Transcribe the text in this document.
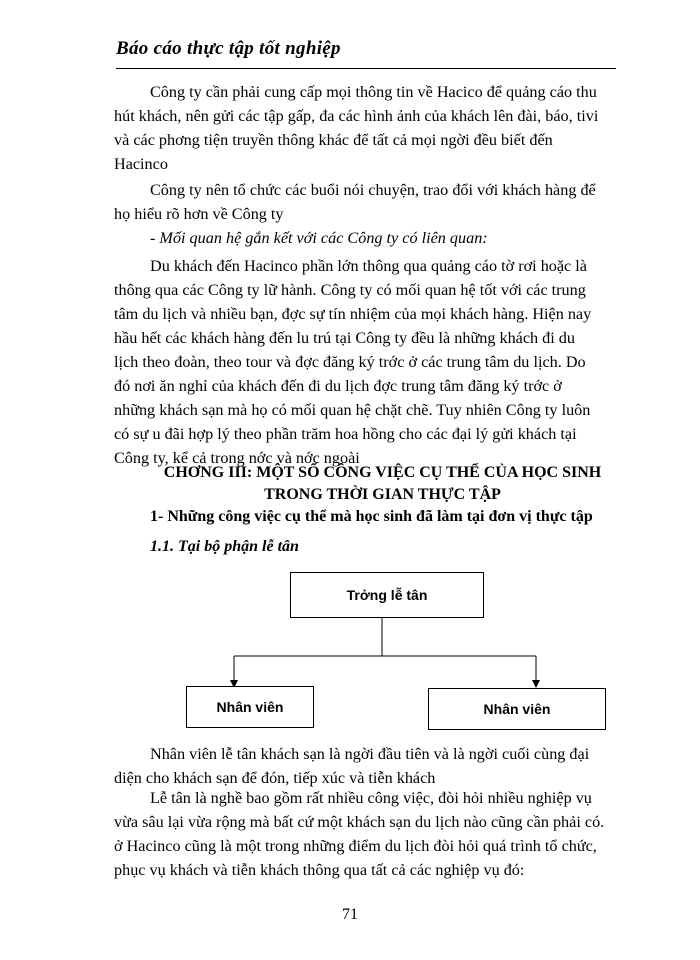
Báo cáo thực tập tốt nghiệp
Công ty cần phải cung cấp mọi thông tin về Hacico để quảng cáo thu
hút khách, nên gửi các tập gấp, đa các hình ảnh của khách lên đài, báo, tivi
và các phơng tiện truyền thông khác để tất cả mọi ngời đều biết đến
Hacinco
Công ty nên tổ chức các buổi nói chuyện, trao đổi với khách hàng để
họ hiểu rõ hơn về Công ty
- Mối quan hệ gắn kết với các Công ty có liên quan:
Du khách đến Hacinco phần lớn thông qua quảng cáo tờ rơi hoặc là
thông qua các Công ty lữ hành. Công ty có mối quan hệ tốt với các trung
tâm du lịch và nhiều bạn, đợc sự tín nhiệm của mọi khách hàng. Hiện nay
hầu hết các khách hàng đến lu trú tại Công ty đều là những khách đi du
lịch theo đoàn, theo tour và đợc đăng ký trớc ở các trung tâm du lịch. Do
đó nơi ăn nghỉ của khách đến đi du lịch đợc trung tâm đăng ký trớc ở
những khách sạn mà họ có mối quan hệ chặt chẽ. Tuy nhiên Công ty luôn
có sự u đãi hợp lý theo phần trăm hoa hồng cho các đại lý gửi khách tại
Công ty, kể cả trong nớc và nớc ngoài
CHƠNG III: MỘT SỐ CÔNG VIỆC CỤ THỂ CỦA HỌC SINH
TRONG THỜI GIAN THỰC TẬP
1- Những công việc cụ thể mà học sinh đã làm tại đơn vị thực tập
1.1. Tại bộ phận lễ tân
Trởng lễ tân
Nhân viên	Nhân viên
Nhân viên lễ tân khách sạn là ngời đầu tiên và là ngời cuối cùng đại
diện cho khách sạn để đón, tiếp xúc và tiễn khách
Lễ tân là nghề bao gồm rất nhiều công việc, đòi hỏi nhiều nghiệp vụ
vừa sâu lại vừa rộng mà bất cứ một khách sạn du lịch nào cũng cần phải có.
ở Hacinco cũng là một trong những điểm du lịch đòi hỏi quá trình tổ chức,
phục vụ khách và tiễn khách thông qua tất cả các nghiệp vụ đó:
71
